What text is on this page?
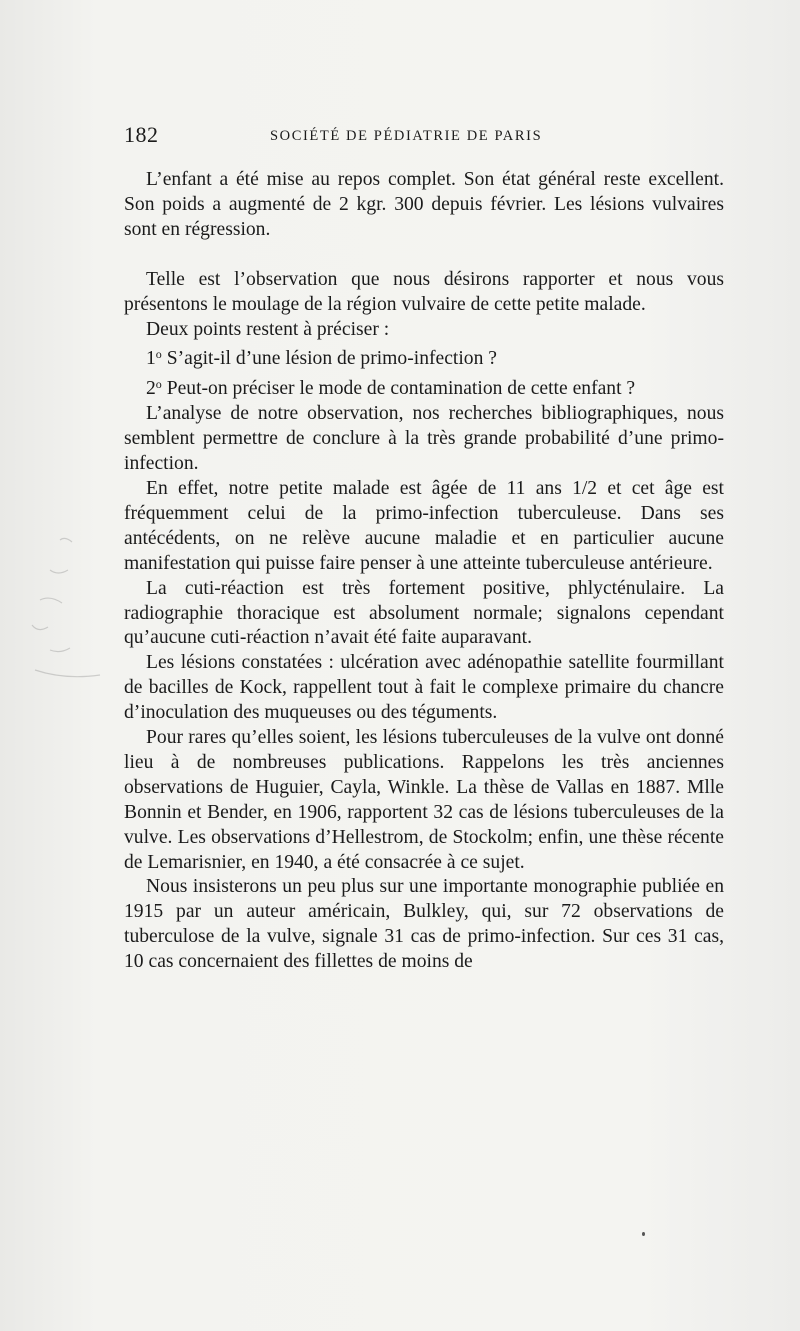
182	SOCIÉTÉ DE PÉDIATRIE DE PARIS

L’enfant a été mise au repos complet. Son état général reste excellent. Son poids a augmenté de 2 kgr. 300 depuis février. Les lésions vulvaires sont en régression.

Telle est l’observation que nous désirons rapporter et nous vous présentons le moulage de la région vulvaire de cette petite malade.

Deux points restent à préciser :

1$^o$ S’agit-il d’une lésion de primo-infection ?

2$^o$ Peut-on préciser le mode de contamination de cette enfant ?

L’analyse de notre observation, nos recherches bibliographiques, nous semblent permettre de conclure à la très grande probabilité d’une primo-infection.

En effet, notre petite malade est âgée de 11 ans 1/2 et cet âge est fréquemment celui de la primo-infection tuberculeuse. Dans ses antécédents, on ne relève aucune maladie et en particulier aucune manifestation qui puisse faire penser à une atteinte tuberculeuse antérieure.

La cuti-réaction est très fortement positive, phlycténulaire. La radiographie thoracique est absolument normale; signalons cependant qu’aucune cuti-réaction n’avait été faite auparavant.

Les lésions constatées : ulcération avec adénopathie satellite fourmillant de bacilles de Kock, rappellent tout à fait le complexe primaire du chancre d’inoculation des muqueuses ou des téguments.

Pour rares qu’elles soient, les lésions tuberculeuses de la vulve ont donné lieu à de nombreuses publications. Rappelons les très anciennes observations de Huguier, Cayla, Winkle. La thèse de Vallas en 1887. Mlle Bonnin et Bender, en 1906, rapportent 32 cas de lésions tuberculeuses de la vulve. Les observations d’Hellestrom, de Stockolm; enfin, une thèse récente de Lemarisnier, en 1940, a été consacrée à ce sujet.

Nous insisterons un peu plus sur une importante monographie publiée en 1915 par un auteur américain, Bulkley, qui, sur 72 observations de tuberculose de la vulve, signale 31 cas de primo-infection. Sur ces 31 cas, 10 cas concernaient des fillettes de moins de
